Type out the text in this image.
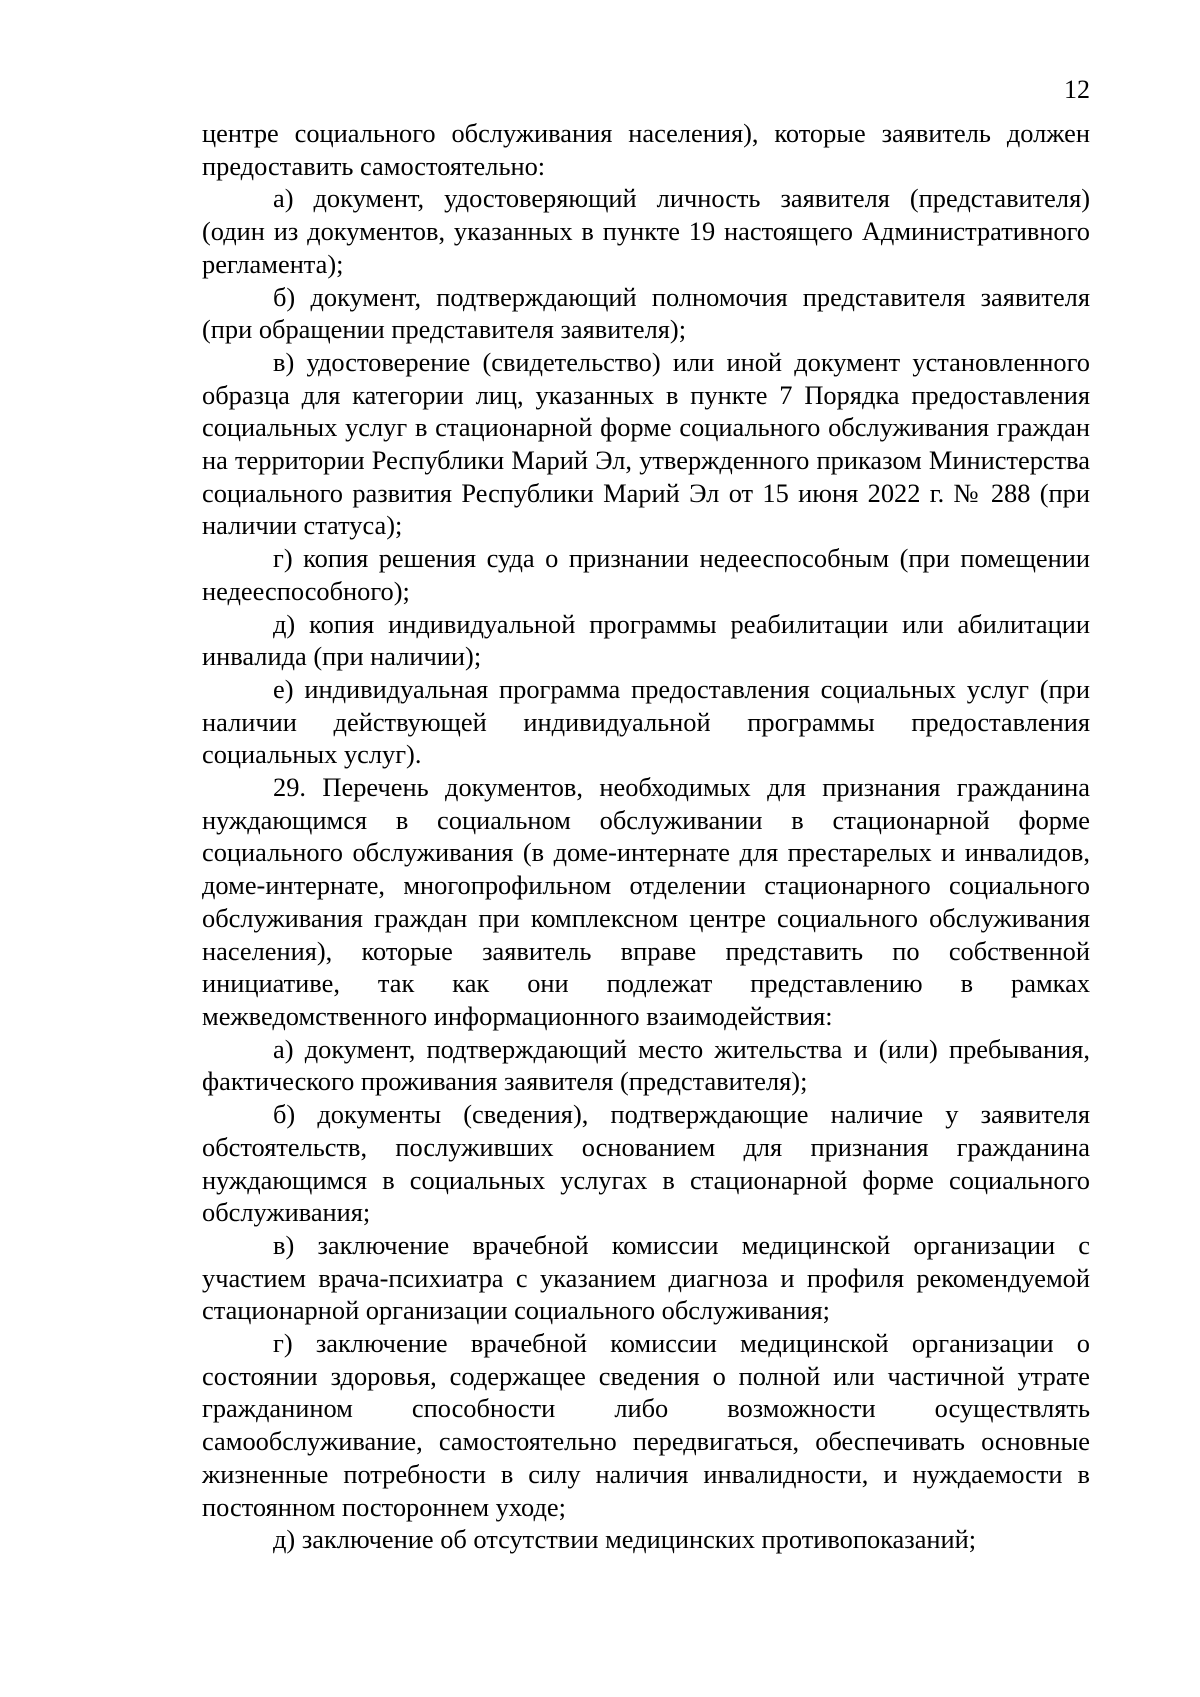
12

центре социального обслуживания населения), которые заявитель должен предоставить самостоятельно:

а) документ, удостоверяющий личность заявителя (представителя) (один из документов, указанных в пункте 19 настоящего Административного регламента);

б) документ, подтверждающий полномочия представителя заявителя (при обращении представителя заявителя);

в) удостоверение (свидетельство) или иной документ установленного образца для категории лиц, указанных в пункте 7 Порядка предоставления социальных услуг в стационарной форме социального обслуживания граждан на территории Республики Марий Эл, утвержденного приказом Министерства социального развития Республики Марий Эл от 15 июня 2022 г. № 288 (при наличии статуса);

г) копия решения суда о признании недееспособным (при помещении недееспособного);

д) копия индивидуальной программы реабилитации или абилитации инвалида (при наличии);

е) индивидуальная программа предоставления социальных услуг (при наличии действующей индивидуальной программы предоставления социальных услуг).

29. Перечень документов, необходимых для признания гражданина нуждающимся в социальном обслуживании в стационарной форме социального обслуживания (в доме-интернате для престарелых и инвалидов, доме-интернате, многопрофильном отделении стационарного социального обслуживания граждан при комплексном центре социального обслуживания населения), которые заявитель вправе представить по собственной инициативе, так как они подлежат представлению в рамках межведомственного информационного взаимодействия:

а) документ, подтверждающий место жительства и (или) пребывания, фактического проживания заявителя (представителя);

б) документы (сведения), подтверждающие наличие у заявителя обстоятельств, послуживших основанием для признания гражданина нуждающимся в социальных услугах в стационарной форме социального обслуживания;

в) заключение врачебной комиссии медицинской организации с участием врача-психиатра с указанием диагноза и профиля рекомендуемой стационарной организации социального обслуживания;

г) заключение врачебной комиссии медицинской организации о состоянии здоровья, содержащее сведения о полной или частичной утрате гражданином способности либо возможности осуществлять самообслуживание, самостоятельно передвигаться, обеспечивать основные жизненные потребности в силу наличия инвалидности, и нуждаемости в постоянном постороннем уходе;

д) заключение об отсутствии медицинских противопоказаний;
